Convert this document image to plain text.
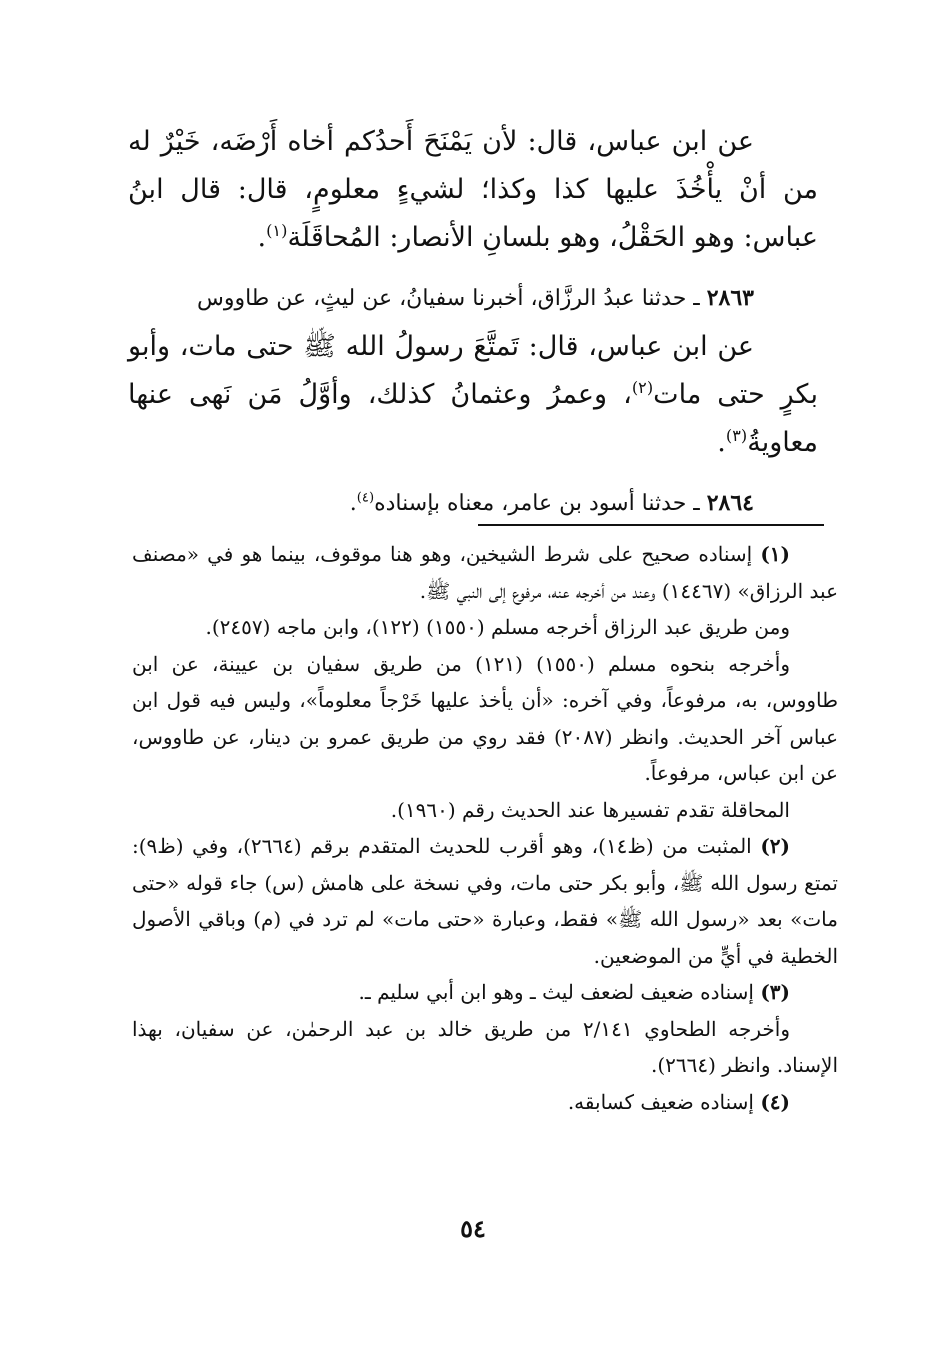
عن ابن عباس، قال: لأن يَمْنَحَ أَحدُكم أخاه أَرْضَه، خَيْرٌ له من أنْ يأْخُذَ عليها كذا وكذا؛ لشيءٍ معلومٍ، قال: قال ابنُ عباس: وهو الحَقْلُ، وهو بلسانِ الأنصار: المُحاقَلَة$^{(١)}$.

٢٨٦٣ ـ حدثنا عبدُ الرزَّاق، أخبرنا سفيانُ، عن ليثٍ، عن طاووس

عن ابن عباس، قال: تَمتَّعَ رسولُ الله ﷺ حتى مات، وأبو بكرٍ حتى مات$^{(٢)}$، وعمرُ وعثمانُ كذلك، وأوَّلُ مَن نَهى عنها معاويةُ$^{(٣)}$.

٢٨٦٤ ـ حدثنا أسود بن عامر، معناه بإسناده$^{(٤)}$.

(١) إسناده صحيح على شرط الشيخين، وهو هنا موقوف، بينما هو في «مصنف عبد الرزاق» (١٤٤٦٧) وعند من أخرجه عنه، مرفوع إلى النبي ﷺ.

ومن طريق عبد الرزاق أخرجه مسلم (١٥٥٠) (١٢٢)، وابن ماجه (٢٤٥٧).

وأخرجه بنحوه مسلم (١٥٥٠) (١٢١) من طريق سفيان بن عيينة، عن ابن طاووس، به، مرفوعاً، وفي آخره: «أن يأخذ عليها خَرْجاً معلوماً»، وليس فيه قول ابن عباس آخر الحديث. وانظر (٢٠٨٧) فقد روي من طريق عمرو بن دينار، عن طاووس، عن ابن عباس، مرفوعاً.

المحاقلة تقدم تفسيرها عند الحديث رقم (١٩٦٠).

(٢) المثبت من (ظ١٤)، وهو أقرب للحديث المتقدم برقم (٢٦٦٤)، وفي (ظ٩): تمتع رسول الله ﷺ، وأبو بكر حتى مات، وفي نسخة على هامش (س) جاء قوله «حتى مات» بعد «رسول الله ﷺ» فقط، وعبارة «حتى مات» لم ترد في (م) وباقي الأصول الخطية في أيٍّ من الموضعين.

(٣) إسناده ضعيف لضعف ليث ـ وهو ابن أبي سليم ـ.

وأخرجه الطحاوي ٢/١٤١ من طريق خالد بن عبد الرحمٰن، عن سفيان، بهذا الإسناد. وانظر (٢٦٦٤).

(٤) إسناده ضعيف كسابقه.

٥٤
